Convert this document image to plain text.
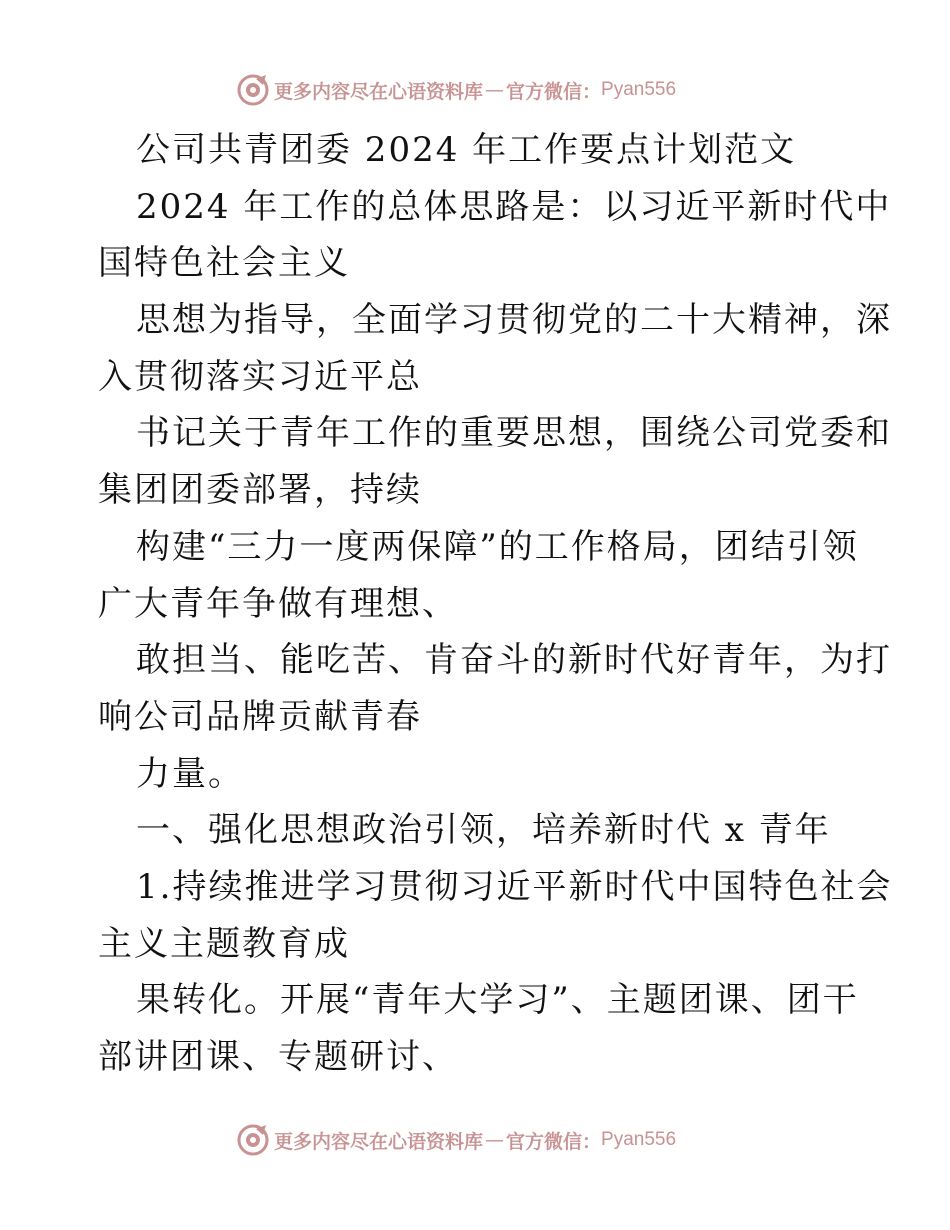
更多内容尽在心语资料库 — 官方微信： Pyan556
公司共青团委 2024 年工作要点计划范文
2024 年工作的总体思路是：以习近平新时代中
国特色社会主义
思想为指导，全面学习贯彻党的二十大精神，深
入贯彻落实习近平总
书记关于青年工作的重要思想，围绕公司党委和
集团团委部署，持续
构建“三力一度两保障”的工作格局，团结引领
广大青年争做有理想、
敢担当、能吃苦、肯奋斗的新时代好青年，为打
响公司品牌贡献青春
力量。
一、强化思想政治引领，培养新时代 x 青年
1.持续推进学习贯彻习近平新时代中国特色社会
主义主题教育成
果转化。开展“青年大学习”、主题团课、团干
部讲团课、专题研讨、
更多内容尽在心语资料库 — 官方微信： Pyan556
